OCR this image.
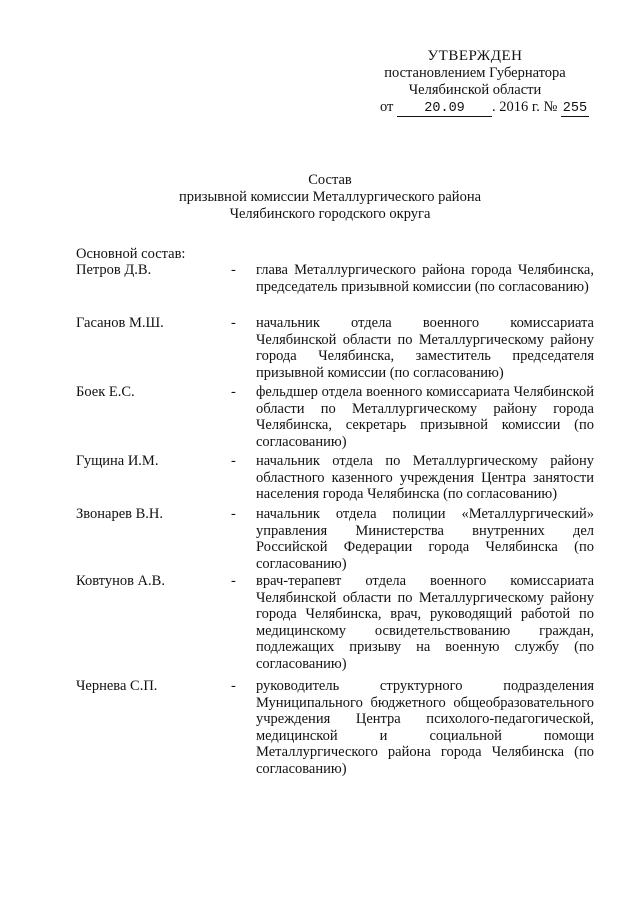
УТВЕРЖДЕН
постановлением Губернатора
Челябинской области
от 20.09 . 2016 г. № 255
Состав
призывной комиссии Металлургического района
Челябинского городского округа
Основной состав:
Петров Д.В.	- глава Металлургического района города Челябинска, председатель призывной комиссии (по согласованию)
Гасанов М.Ш.	- начальник отдела военного комиссариата Челябинской области по Металлургическому району города Челябинска, заместитель председателя призывной комиссии (по согласованию)
Боек Е.С.	- фельдшер отдела военного комиссариата Челябинской области по Металлургическому району города Челябинска, секретарь призывной комиссии (по согласованию)
Гущина И.М.	- начальник отдела по Металлургическому району областного казенного учреждения Центра занятости населения города Челябинска (по согласованию)
Звонарев В.Н.	- начальник отдела полиции «Металлургический» управления Министерства внутренних дел Российской Федерации города Челябинска (по согласованию)
Ковтунов А.В.	- врач-терапевт отдела военного комиссариата Челябинской области по Металлургическому району города Челябинска, врач, руководящий работой по медицинскому освидетельствованию граждан, подлежащих призыву на военную службу (по согласованию)
Чернева С.П.	- руководитель структурного подразделения Муниципального бюджетного общеобразовательного учреждения Центра психолого-педагогической, медицинской и социальной помощи Металлургического района города Челябинска (по согласованию)
